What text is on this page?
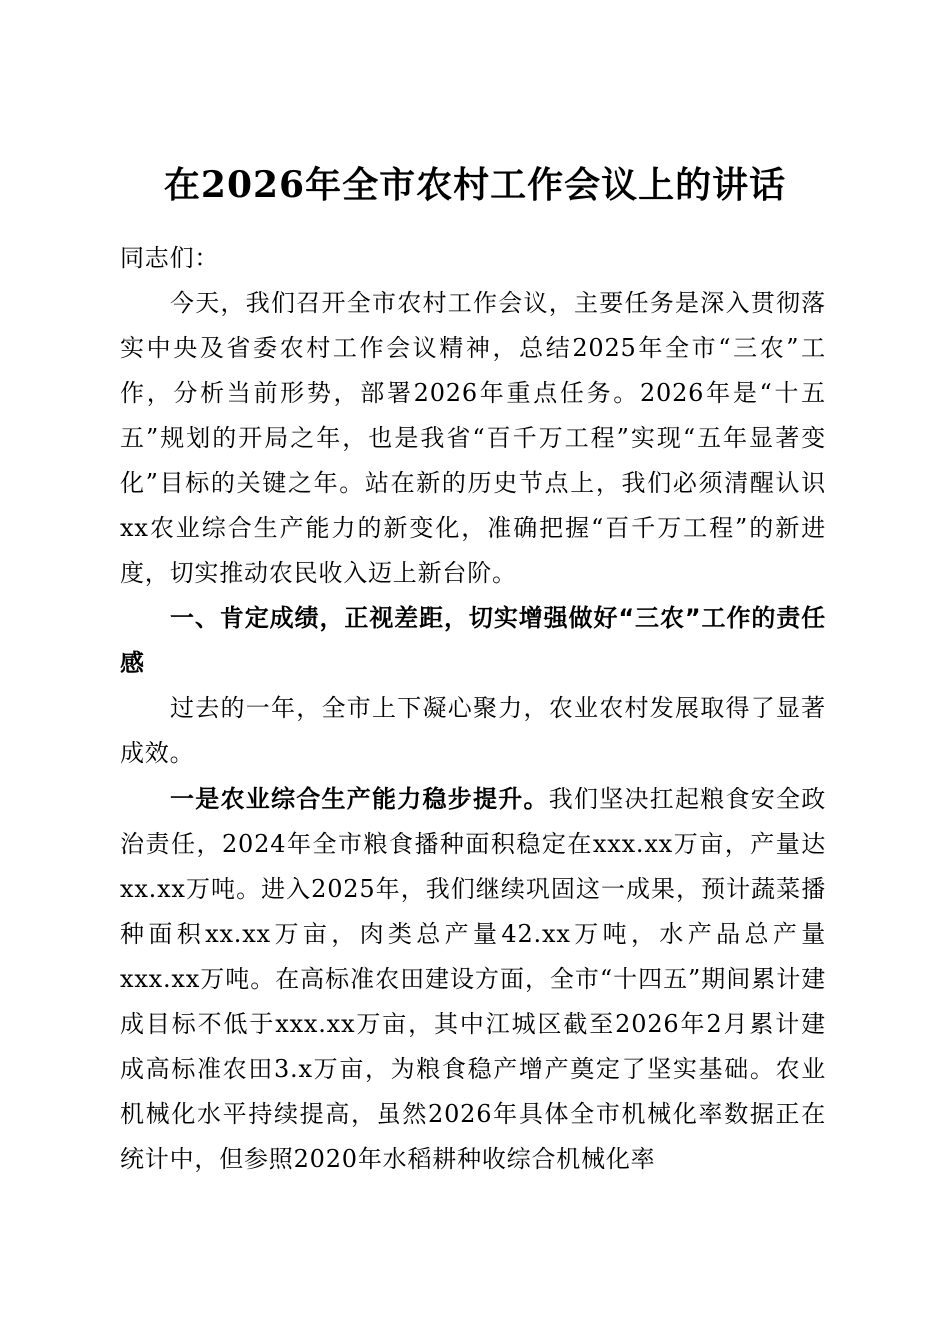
在2026年全市农村工作会议上的讲话

同志们：

今天，我们召开全市农村工作会议，主要任务是深入贯彻落实中央及省委农村工作会议精神，总结2025年全市“三农”工作，分析当前形势，部署2026年重点任务。2026年是“十五五”规划的开局之年，也是我省“百千万工程”实现“五年显著变化”目标的关键之年。站在新的历史节点上，我们必须清醒认识xx农业综合生产能力的新变化，准确把握“百千万工程”的新进度，切实推动农民收入迈上新台阶。

一、肯定成绩，正视差距，切实增强做好“三农”工作的责任感

过去的一年，全市上下凝心聚力，农业农村发展取得了显著成效。

一是农业综合生产能力稳步提升。我们坚决扛起粮食安全政治责任，2024年全市粮食播种面积稳定在xxx.xx万亩，产量达xx.xx万吨。进入2025年，我们继续巩固这一成果，预计蔬菜播种面积xx.xx万亩，肉类总产量42.xx万吨，水产品总产量xxx.xx万吨。在高标准农田建设方面，全市“十四五”期间累计建成目标不低于xxx.xx万亩，其中江城区截至2026年2月累计建成高标准农田3.x万亩，为粮食稳产增产奠定了坚实基础。农业机械化水平持续提高，虽然2026年具体全市机械化率数据正在统计中，但参照2020年水稻耕种收综合机械化率
